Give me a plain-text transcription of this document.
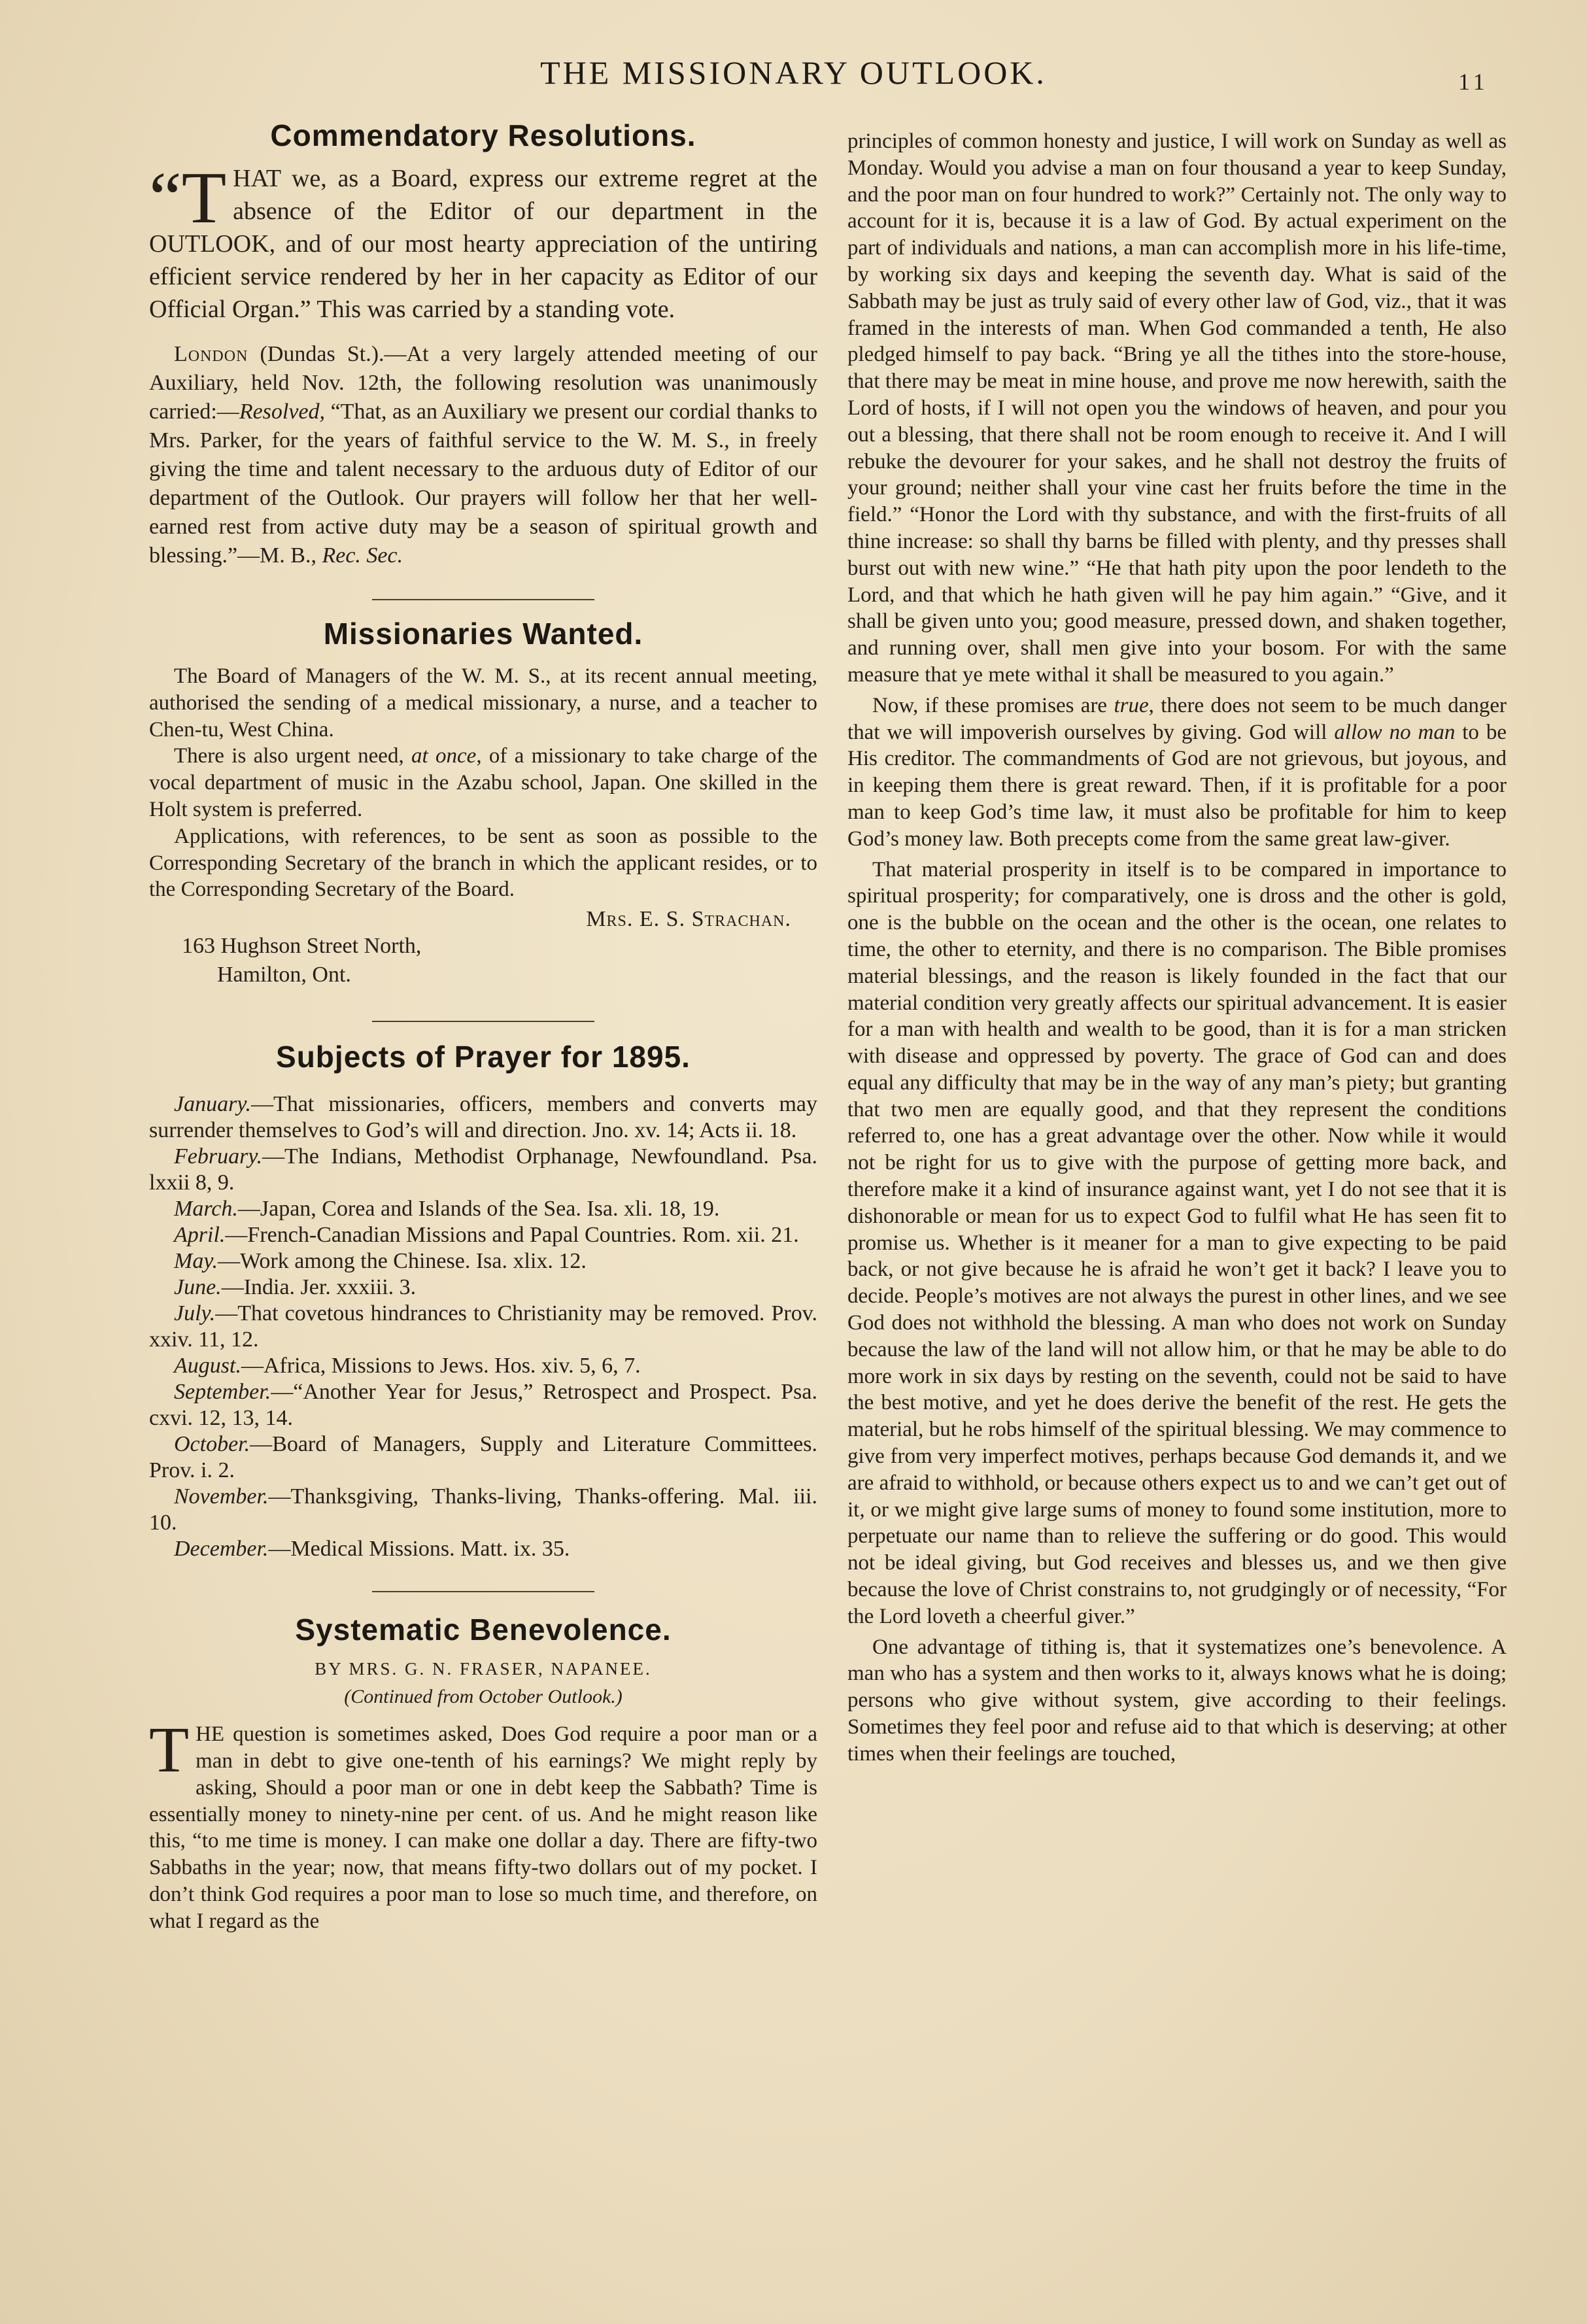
THE MISSIONARY OUTLOOK.	11
Commendatory Resolutions.

“T HAT we, as a Board, express our extreme regret at the absence of the Editor of our department in the OUTLOOK, and of our most hearty appreciation of the untiring efficient service rendered by her in her capacity as Editor of our Official Organ.” This was carried by a standing vote.

London (Dundas St.).—At a very largely attended meeting of our Auxiliary, held Nov. 12th, the following resolution was unanimously carried:—Resolved, “That, as an Auxiliary we present our cordial thanks to Mrs. Parker, for the years of faithful service to the W. M. S., in freely giving the time and talent necessary to the arduous duty of Editor of our department of the Outlook. Our prayers will follow her that her well-earned rest from active duty may be a season of spiritual growth and blessing.”—M. B., Rec. Sec.

Missionaries Wanted.

The Board of Managers of the W. M. S., at its recent annual meeting, authorised the sending of a medical missionary, a nurse, and a teacher to Chen-tu, West China.

There is also urgent need, at once, of a missionary to take charge of the vocal department of music in the Azabu school, Japan. One skilled in the Holt system is preferred.

Applications, with references, to be sent as soon as possible to the Corresponding Secretary of the branch in which the applicant resides, or to the Corresponding Secretary of the Board.

Mrs. E. S. Strachan.

163 Hughson Street North,
Hamilton, Ont.

Subjects of Prayer for 1895.

January.—That missionaries, officers, members and converts may surrender themselves to God’s will and direction. Jno. xv. 14; Acts ii. 18.

February.—The Indians, Methodist Orphanage, Newfoundland. Psa. lxxii 8, 9.

March.—Japan, Corea and Islands of the Sea. Isa. xli. 18, 19.

April.—French-Canadian Missions and Papal Countries. Rom. xii. 21.

May.—Work among the Chinese. Isa. xlix. 12.

June.—India. Jer. xxxiii. 3.

July.—That covetous hindrances to Christianity may be removed. Prov. xxiv. 11, 12.

August.—Africa, Missions to Jews. Hos. xiv. 5, 6, 7.

September.—“Another Year for Jesus,” Retrospect and Prospect. Psa. cxvi. 12, 13, 14.

October.—Board of Managers, Supply and Literature Committees. Prov. i. 2.

November.—Thanksgiving, Thanks-living, Thanks-offering. Mal. iii. 10.

December.—Medical Missions. Matt. ix. 35.

Systematic Benevolence.

BY MRS. G. N. FRASER, NAPANEE.

(Continued from October Outlook.)

THE question is sometimes asked, Does God require a poor man or a man in debt to give one-tenth of his earnings? We might reply by asking, Should a poor man or one in debt keep the Sabbath? Time is essentially money to ninety-nine per cent. of us. And he might reason like this, “to me time is money. I can make one dollar a day. There are fifty-two Sabbaths in the year; now, that means fifty-two dollars out of my pocket. I don’t think God requires a poor man to lose so much time, and therefore, on what I regard as the

principles of common honesty and justice, I will work on Sunday as well as Monday. Would you advise a man on four thousand a year to keep Sunday, and the poor man on four hundred to work?” Certainly not. The only way to account for it is, because it is a law of God. By actual experiment on the part of individuals and nations, a man can accomplish more in his life-time, by working six days and keeping the seventh day. What is said of the Sabbath may be just as truly said of every other law of God, viz., that it was framed in the interests of man. When God commanded a tenth, He also pledged himself to pay back. “Bring ye all the tithes into the store-house, that there may be meat in mine house, and prove me now herewith, saith the Lord of hosts, if I will not open you the windows of heaven, and pour you out a blessing, that there shall not be room enough to receive it. And I will rebuke the devourer for your sakes, and he shall not destroy the fruits of your ground; neither shall your vine cast her fruits before the time in the field.” “Honor the Lord with thy substance, and with the first-fruits of all thine increase: so shall thy barns be filled with plenty, and thy presses shall burst out with new wine.” “He that hath pity upon the poor lendeth to the Lord, and that which he hath given will he pay him again.” “Give, and it shall be given unto you; good measure, pressed down, and shaken together, and running over, shall men give into your bosom. For with the same measure that ye mete withal it shall be measured to you again.”

Now, if these promises are true, there does not seem to be much danger that we will impoverish ourselves by giving. God will allow no man to be His creditor. The commandments of God are not grievous, but joyous, and in keeping them there is great reward. Then, if it is profitable for a poor man to keep God’s time law, it must also be profitable for him to keep God’s money law. Both precepts come from the same great law-giver.

That material prosperity in itself is to be compared in importance to spiritual prosperity; for comparatively, one is dross and the other is gold, one is the bubble on the ocean and the other is the ocean, one relates to time, the other to eternity, and there is no comparison. The Bible promises material blessings, and the reason is likely founded in the fact that our material condition very greatly affects our spiritual advancement. It is easier for a man with health and wealth to be good, than it is for a man stricken with disease and oppressed by poverty. The grace of God can and does equal any difficulty that may be in the way of any man’s piety; but granting that two men are equally good, and that they represent the conditions referred to, one has a great advantage over the other. Now while it would not be right for us to give with the purpose of getting more back, and therefore make it a kind of insurance against want, yet I do not see that it is dishonorable or mean for us to expect God to fulfil what He has seen fit to promise us. Whether is it meaner for a man to give expecting to be paid back, or not give because he is afraid he won’t get it back? I leave you to decide. People’s motives are not always the purest in other lines, and we see God does not withhold the blessing. A man who does not work on Sunday because the law of the land will not allow him, or that he may be able to do more work in six days by resting on the seventh, could not be said to have the best motive, and yet he does derive the benefit of the rest. He gets the material, but he robs himself of the spiritual blessing. We may commence to give from very imperfect motives, perhaps because God demands it, and we are afraid to withhold, or because others expect us to and we can’t get out of it, or we might give large sums of money to found some institution, more to perpetuate our name than to relieve the suffering or do good. This would not be ideal giving, but God receives and blesses us, and we then give because the love of Christ constrains to, not grudgingly or of necessity, “For the Lord loveth a cheerful giver.”

One advantage of tithing is, that it systematizes one’s benevolence. A man who has a system and then works to it, always knows what he is doing; persons who give without system, give according to their feelings. Sometimes they feel poor and refuse aid to that which is deserving; at other times when their feelings are touched,
